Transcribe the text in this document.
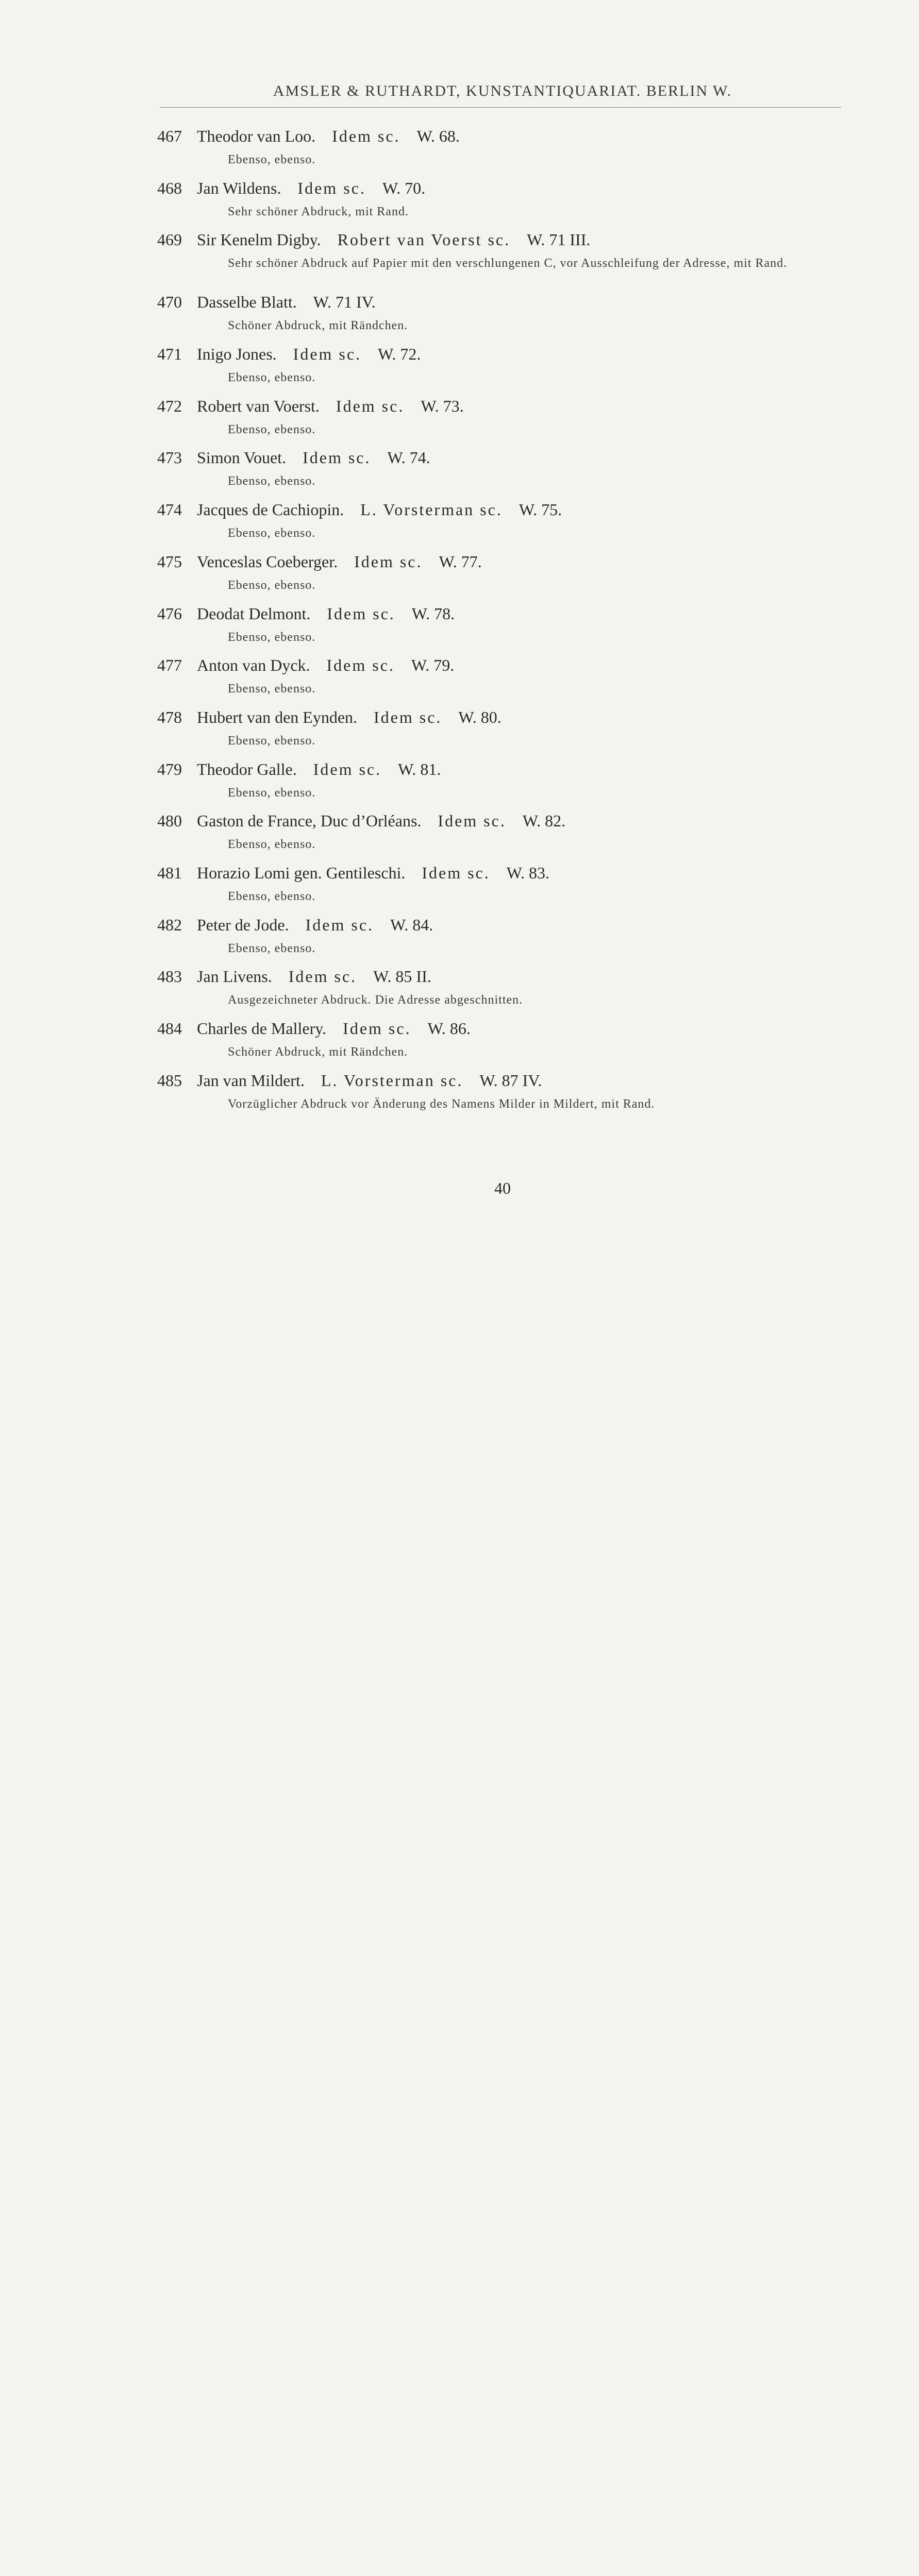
AMSLER & RUTHARDT, KUNSTANTIQUARIAT. BERLIN W.
467 Theodor van Loo.  Idem sc.  W. 68.
Ebenso, ebenso.
468 Jan Wildens.  Idem sc.  W. 70.
Sehr schöner Abdruck, mit Rand.
469 Sir Kenelm Digby.  Robert van Voerst sc.  W. 71 III.
Sehr schöner Abdruck auf Papier mit den verschlungenen C, vor Ausschleifung der Adresse, mit Rand.
470 Dasselbe Blatt.  W. 71 IV.
Schöner Abdruck, mit Rändchen.
471 Inigo Jones.  Idem sc.  W. 72.
Ebenso, ebenso.
472 Robert van Voerst.  Idem sc.  W. 73.
Ebenso, ebenso.
473 Simon Vouet.  Idem sc.  W. 74.
Ebenso, ebenso.
474 Jacques de Cachiopin.  L. Vorsterman sc.  W. 75.
Ebenso, ebenso.
475 Venceslas Coeberger.  Idem sc.  W. 77.
Ebenso, ebenso.
476 Deodat Delmont.  Idem sc.  W. 78.
Ebenso, ebenso.
477 Anton van Dyck.  Idem sc.  W. 79.
Ebenso, ebenso.
478 Hubert van den Eynden.  Idem sc.  W. 80.
Ebenso, ebenso.
479 Theodor Galle.  Idem sc.  W. 81.
Ebenso, ebenso.
480 Gaston de France, Duc d’Orléans.  Idem sc.  W. 82.
Ebenso, ebenso.
481 Horazio Lomi gen. Gentileschi.  Idem sc.  W. 83.
Ebenso, ebenso.
482 Peter de Jode.  Idem sc.  W. 84.
Ebenso, ebenso.
483 Jan Livens.  Idem sc.  W. 85 II.
Ausgezeichneter Abdruck. Die Adresse abgeschnitten.
484 Charles de Mallery.  Idem sc.  W. 86.
Schöner Abdruck, mit Rändchen.
485 Jan van Mildert.  L. Vorsterman sc.  W. 87 IV.
Vorzüglicher Abdruck vor Änderung des Namens Milder in Mildert, mit Rand.
40
